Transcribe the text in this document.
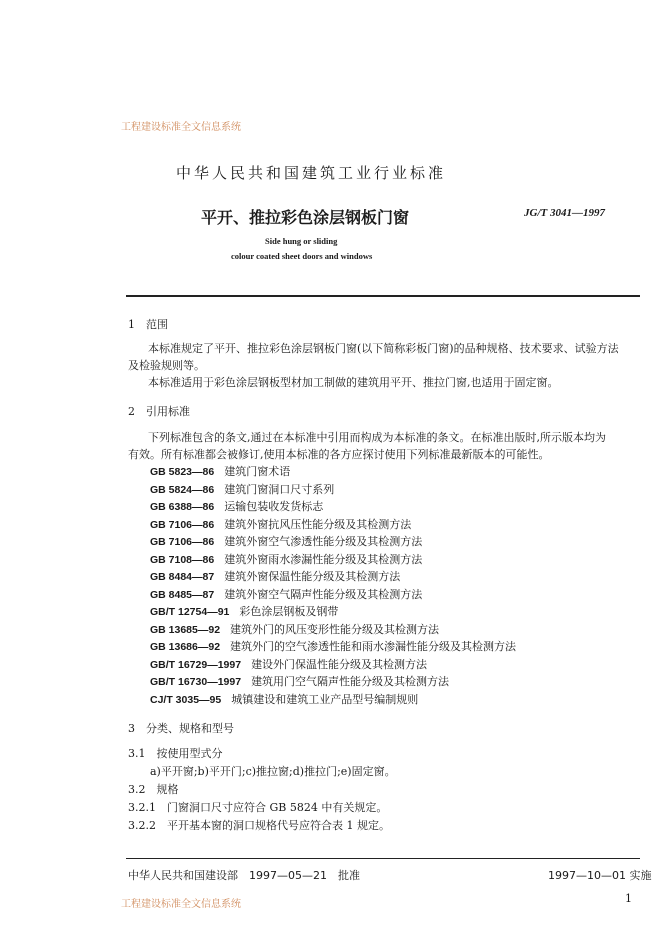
工程建设标准全文信息系统
中华人民共和国建筑工业行业标准
平开、推拉彩色涂层钢板门窗	JG/T 3041—1997
Side hung or sliding
colour coated sheet doors and windows
1　范围
本标准规定了平开、推拉彩色涂层钢板门窗(以下简称彩板门窗)的品种规格、技术要求、试验方法
及检验规则等。
本标准适用于彩色涂层钢板型材加工制做的建筑用平开、推拉门窗,也适用于固定窗。
2　引用标准
下列标准包含的条文,通过在本标准中引用而构成为本标准的条文。在标准出版时,所示版本均为
有效。所有标准都会被修订,使用本标准的各方应探讨使用下列标准最新版本的可能性。
GB 5823—86 建筑门窗术语
GB 5824—86 建筑门窗洞口尺寸系列
GB 6388—86 运输包装收发货标志
GB 7106—86 建筑外窗抗风压性能分级及其检测方法
GB 7106—86 建筑外窗空气渗透性能分级及其检测方法
GB 7108—86 建筑外窗雨水渗漏性能分级及其检测方法
GB 8484—87 建筑外窗保温性能分级及其检测方法
GB 8485—87 建筑外窗空气隔声性能分级及其检测方法
GB/T 12754—91 彩色涂层钢板及钢带
GB 13685—92 建筑外门的风压变形性能分级及其检测方法
GB 13686—92 建筑外门的空气渗透性能和雨水渗漏性能分级及其检测方法
GB/T 16729—1997 建设外门保温性能分级及其检测方法
GB/T 16730—1997 建筑用门空气隔声性能分级及其检测方法
CJ/T 3035—95 城镇建设和建筑工业产品型号编制规则
3　分类、规格和型号
3.1　按使用型式分
a)平开窗;b)平开门;c)推拉窗;d)推拉门;e)固定窗。
3.2　规格
3.2.1　门窗洞口尺寸应符合 GB 5824 中有关规定。
3.2.2　平开基本窗的洞口规格代号应符合表 1 规定。
中华人民共和国建设部　1997—05—21　批准	1997—10—01 实施
工程建设标准全文信息系统	1
